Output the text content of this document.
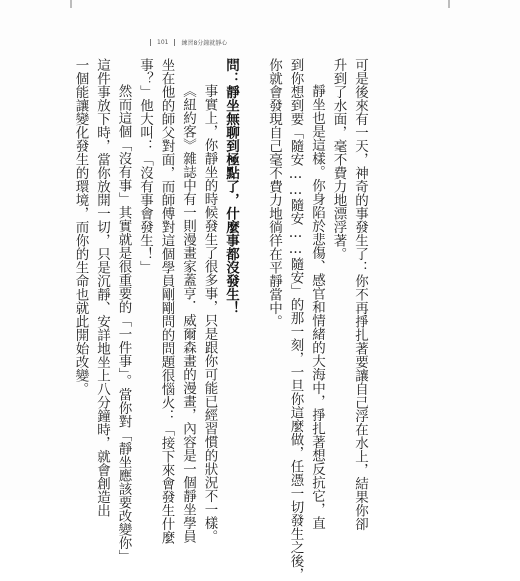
101 練習8分鐘就靜心
可是後來有一天，神奇的事發生了：你不再掙扎著要讓自己浮在水上，結果你卻
升到了水面，毫不費力地漂浮著。
靜坐也是這樣。你身陷於悲傷、感官和情緒的大海中，掙扎著想反抗它，直
到你想到要「隨安……隨安……隨安」的那一刻，一旦你這麼做，任憑一切發生之後，
你就會發現自己毫不費力地徜徉在平靜當中。
問：靜坐無聊到極點了，什麼事都沒發生！
事實上，你靜坐的時候發生了很多事，只是跟你可能已經習慣的狀況不一樣。
《紐約客》雜誌中有一則漫畫家蓋亨．威爾森畫的漫畫，內容是一個靜坐學員
坐在他的師父對面，而師傅對這個學員剛剛問的問題很惱火：「接下來會發生什麼
事？」他大叫：「沒有事會發生！」
然而這個「沒有事」其實就是很重要的「一件事」。當你對「靜坐應該要改變你」
這件事放下時，當你放開一切，只是沉靜、安詳地坐上八分鐘時，就會創造出
一個能讓變化發生的環境，而你的生命也就此開始改變。
